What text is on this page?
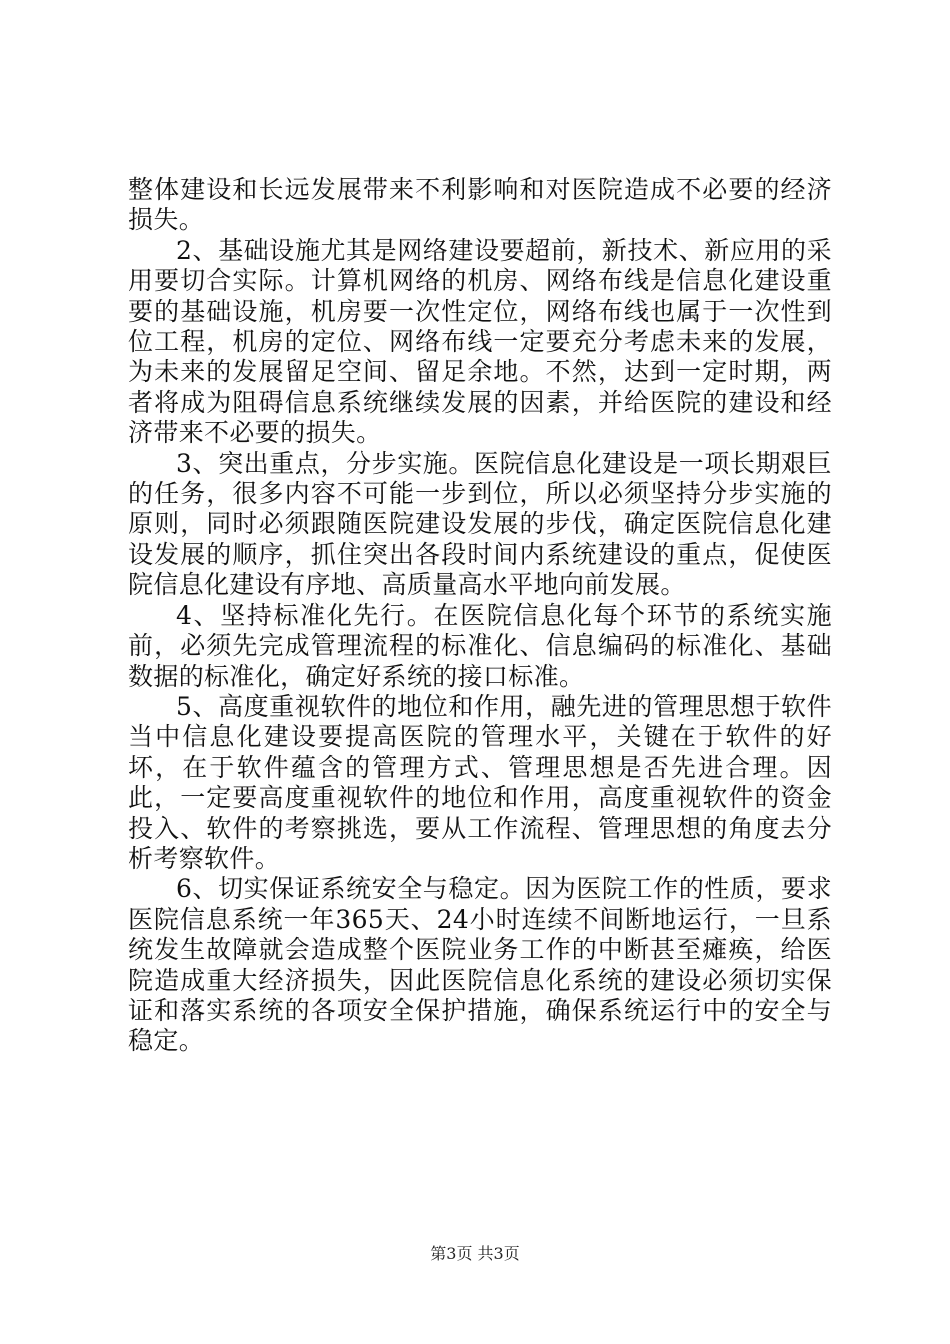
整体建设和长远发展带来不利影响和对医院造成不必要的经济损失。

2、基础设施尤其是网络建设要超前，新技术、新应用的采用要切合实际。计算机网络的机房、网络布线是信息化建设重要的基础设施，机房要一次性定位，网络布线也属于一次性到位工程，机房的定位、网络布线一定要充分考虑未来的发展，为未来的发展留足空间、留足余地。不然，达到一定时期，两者将成为阻碍信息系统继续发展的因素，并给医院的建设和经济带来不必要的损失。

3、突出重点，分步实施。医院信息化建设是一项长期艰巨的任务，很多内容不可能一步到位，所以必须坚持分步实施的原则，同时必须跟随医院建设发展的步伐，确定医院信息化建设发展的顺序，抓住突出各段时间内系统建设的重点，促使医院信息化建设有序地、高质量高水平地向前发展。

4、坚持标准化先行。在医院信息化每个环节的系统实施前，必须先完成管理流程的标准化、信息编码的标准化、基础数据的标准化，确定好系统的接口标准。

5、高度重视软件的地位和作用，融先进的管理思想于软件当中信息化建设要提高医院的管理水平，关键在于软件的好坏，在于软件蕴含的管理方式、管理思想是否先进合理。因此，一定要高度重视软件的地位和作用，高度重视软件的资金投入、软件的考察挑选，要从工作流程、管理思想的角度去分析考察软件。

6、切实保证系统安全与稳定。因为医院工作的性质，要求医院信息系统一年365天、24小时连续不间断地运行，一旦系统发生故障就会造成整个医院业务工作的中断甚至瘫痪，给医院造成重大经济损失，因此医院信息化系统的建设必须切实保证和落实系统的各项安全保护措施，确保系统运行中的安全与稳定。

第3页 共3页
